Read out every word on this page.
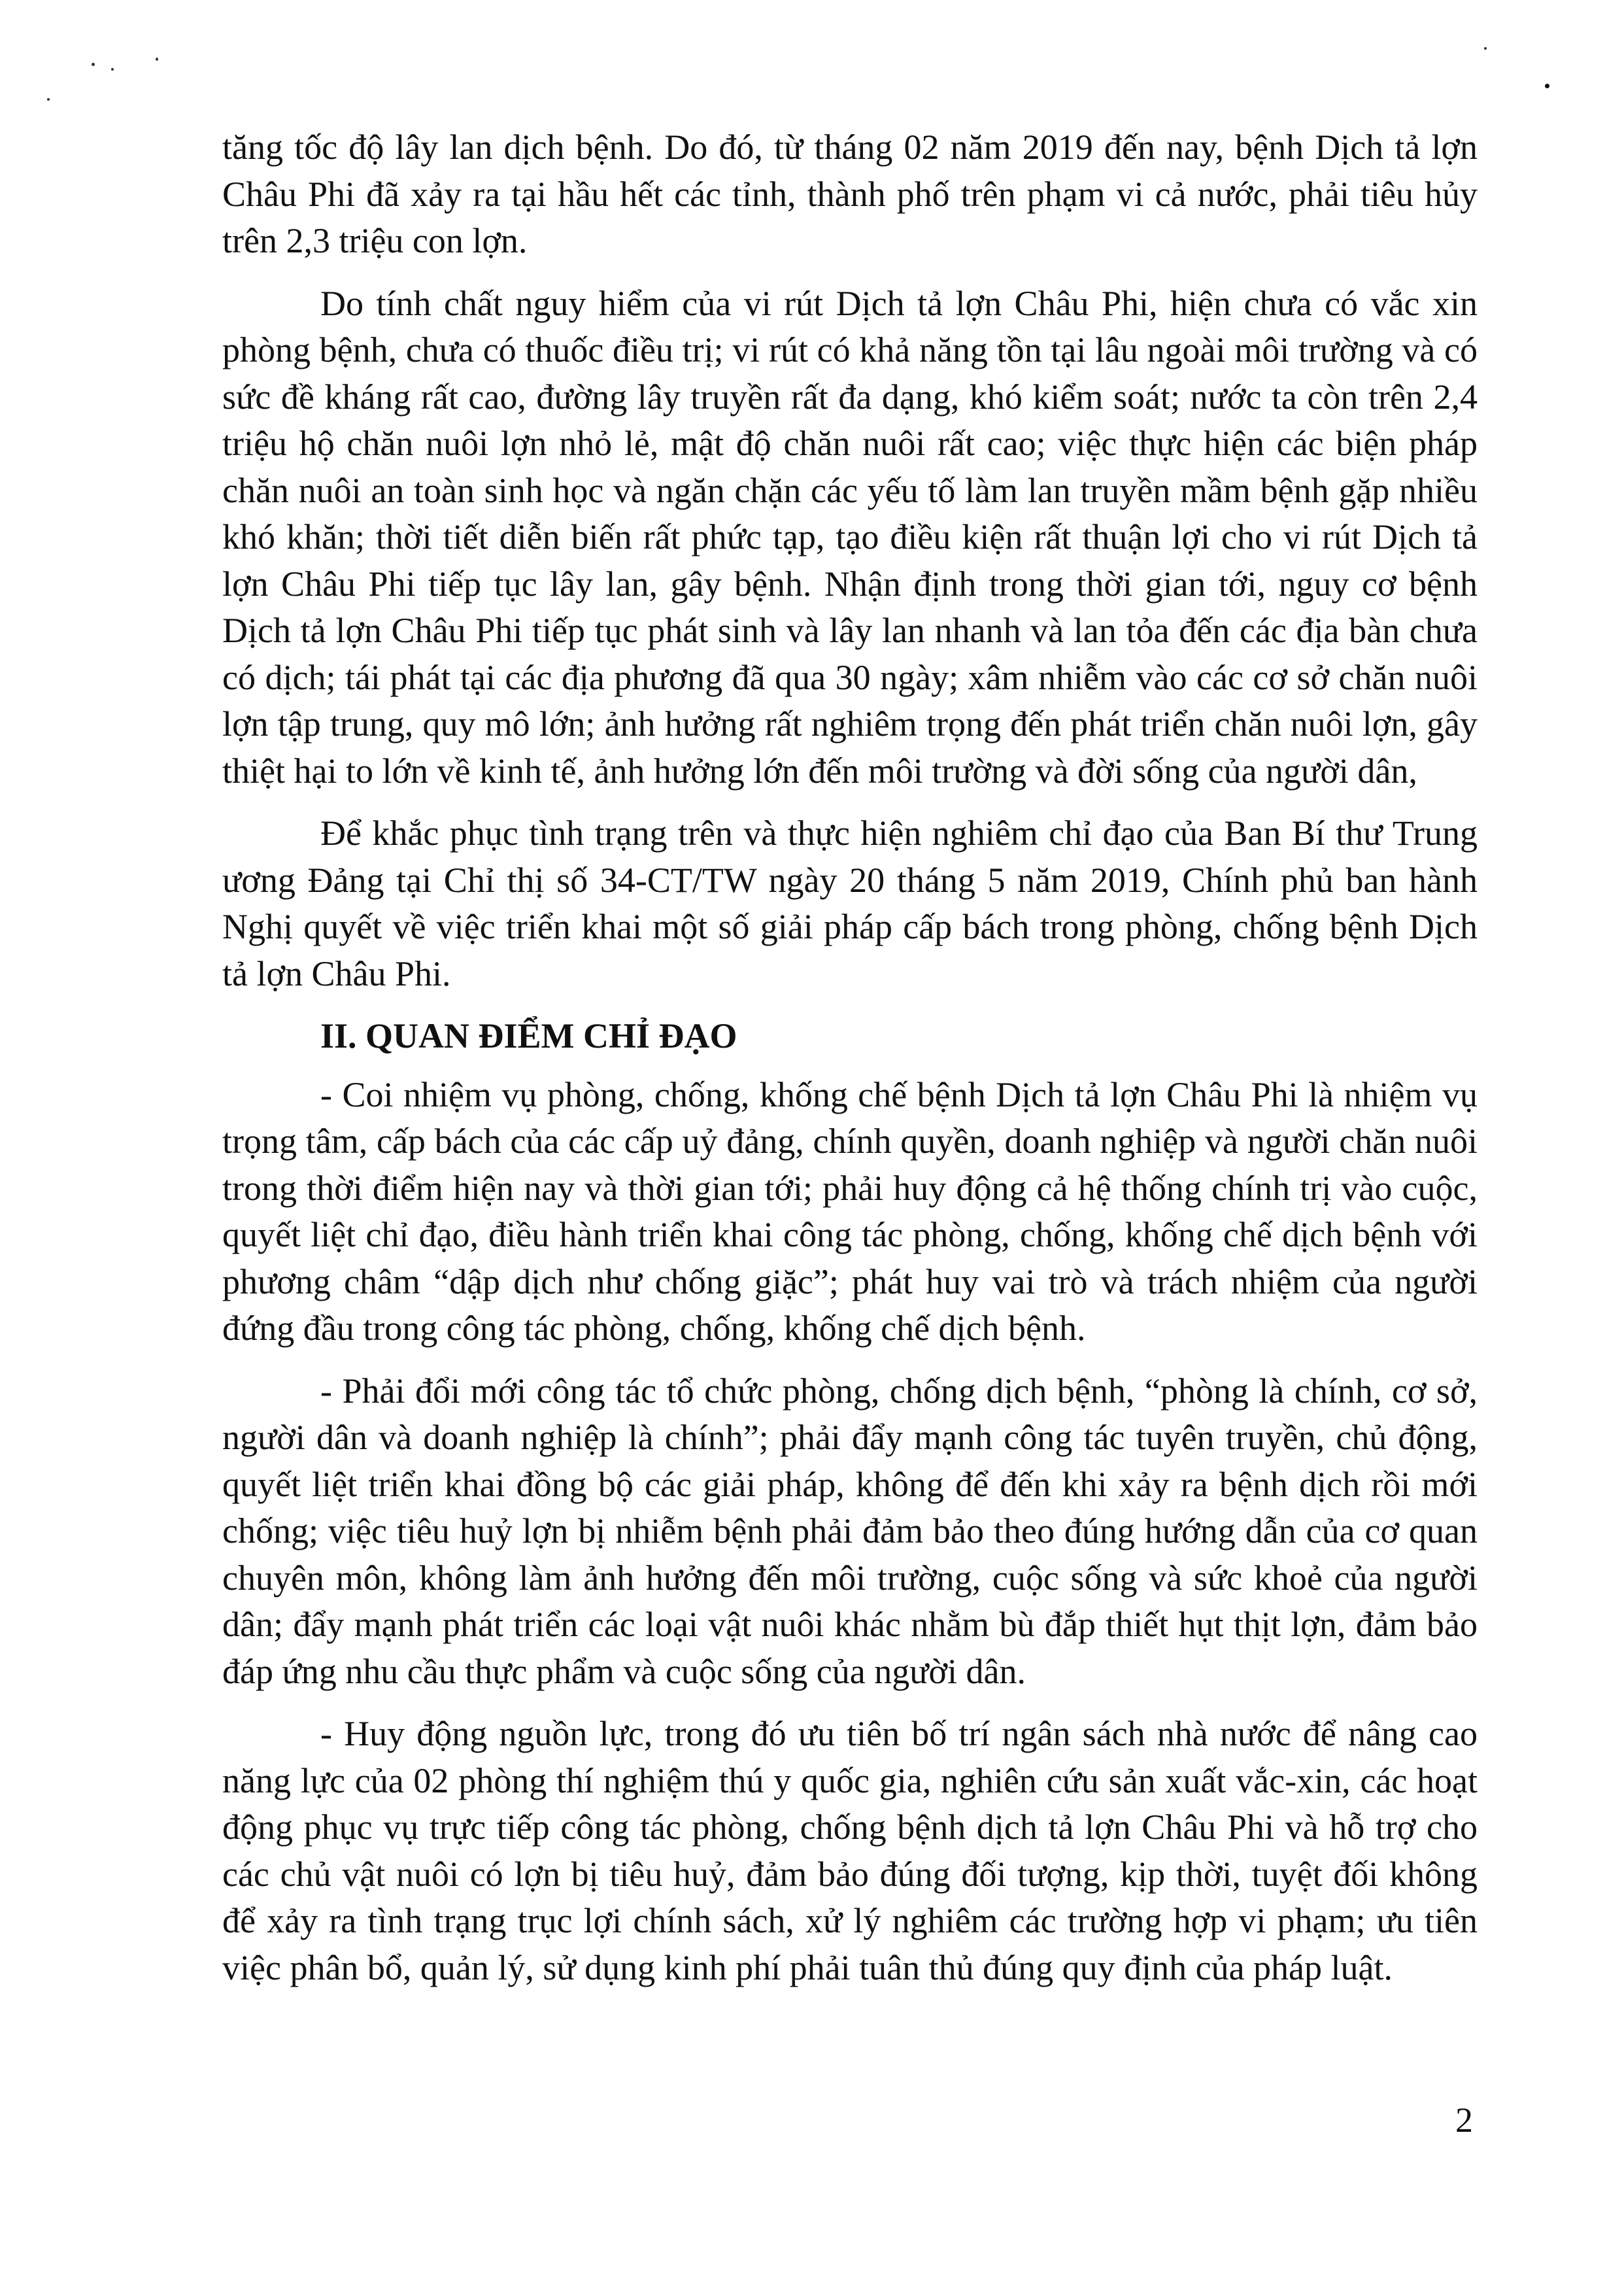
tăng tốc độ lây lan dịch bệnh. Do đó, từ tháng 02 năm 2019 đến nay, bệnh Dịch tả lợn Châu Phi đã xảy ra tại hầu hết các tỉnh, thành phố trên phạm vi cả nước, phải tiêu hủy trên 2,3 triệu con lợn.

Do tính chất nguy hiểm của vi rút Dịch tả lợn Châu Phi, hiện chưa có vắc xin phòng bệnh, chưa có thuốc điều trị; vi rút có khả năng tồn tại lâu ngoài môi trường và có sức đề kháng rất cao, đường lây truyền rất đa dạng, khó kiểm soát; nước ta còn trên 2,4 triệu hộ chăn nuôi lợn nhỏ lẻ, mật độ chăn nuôi rất cao; việc thực hiện các biện pháp chăn nuôi an toàn sinh học và ngăn chặn các yếu tố làm lan truyền mầm bệnh gặp nhiều khó khăn; thời tiết diễn biến rất phức tạp, tạo điều kiện rất thuận lợi cho vi rút Dịch tả lợn Châu Phi tiếp tục lây lan, gây bệnh. Nhận định trong thời gian tới, nguy cơ bệnh Dịch tả lợn Châu Phi tiếp tục phát sinh và lây lan nhanh và lan tỏa đến các địa bàn chưa có dịch; tái phát tại các địa phương đã qua 30 ngày; xâm nhiễm vào các cơ sở chăn nuôi lợn tập trung, quy mô lớn; ảnh hưởng rất nghiêm trọng đến phát triển chăn nuôi lợn, gây thiệt hại to lớn về kinh tế, ảnh hưởng lớn đến môi trường và đời sống của người dân,

Để khắc phục tình trạng trên và thực hiện nghiêm chỉ đạo của Ban Bí thư Trung ương Đảng tại Chỉ thị số 34-CT/TW ngày 20 tháng 5 năm 2019, Chính phủ ban hành Nghị quyết về việc triển khai một số giải pháp cấp bách trong phòng, chống bệnh Dịch tả lợn Châu Phi.

II. QUAN ĐIỂM CHỈ ĐẠO

- Coi nhiệm vụ phòng, chống, khống chế bệnh Dịch tả lợn Châu Phi là nhiệm vụ trọng tâm, cấp bách của các cấp uỷ đảng, chính quyền, doanh nghiệp và người chăn nuôi trong thời điểm hiện nay và thời gian tới; phải huy động cả hệ thống chính trị vào cuộc, quyết liệt chỉ đạo, điều hành triển khai công tác phòng, chống, khống chế dịch bệnh với phương châm “dập dịch như chống giặc”; phát huy vai trò và trách nhiệm của người đứng đầu trong công tác phòng, chống, khống chế dịch bệnh.

- Phải đổi mới công tác tổ chức phòng, chống dịch bệnh, “phòng là chính, cơ sở, người dân và doanh nghiệp là chính”; phải đẩy mạnh công tác tuyên truyền, chủ động, quyết liệt triển khai đồng bộ các giải pháp, không để đến khi xảy ra bệnh dịch rồi mới chống; việc tiêu huỷ lợn bị nhiễm bệnh phải đảm bảo theo đúng hướng dẫn của cơ quan chuyên môn, không làm ảnh hưởng đến môi trường, cuộc sống và sức khoẻ của người dân; đẩy mạnh phát triển các loại vật nuôi khác nhằm bù đắp thiết hụt thịt lợn, đảm bảo đáp ứng nhu cầu thực phẩm và cuộc sống của người dân.

- Huy động nguồn lực, trong đó ưu tiên bố trí ngân sách nhà nước để nâng cao năng lực của 02 phòng thí nghiệm thú y quốc gia, nghiên cứu sản xuất vắc-xin, các hoạt động phục vụ trực tiếp công tác phòng, chống bệnh dịch tả lợn Châu Phi và hỗ trợ cho các chủ vật nuôi có lợn bị tiêu huỷ, đảm bảo đúng đối tượng, kịp thời, tuyệt đối không để xảy ra tình trạng trục lợi chính sách, xử lý nghiêm các trường hợp vi phạm; ưu tiên việc phân bổ, quản lý, sử dụng kinh phí phải tuân thủ đúng quy định của pháp luật.

2
